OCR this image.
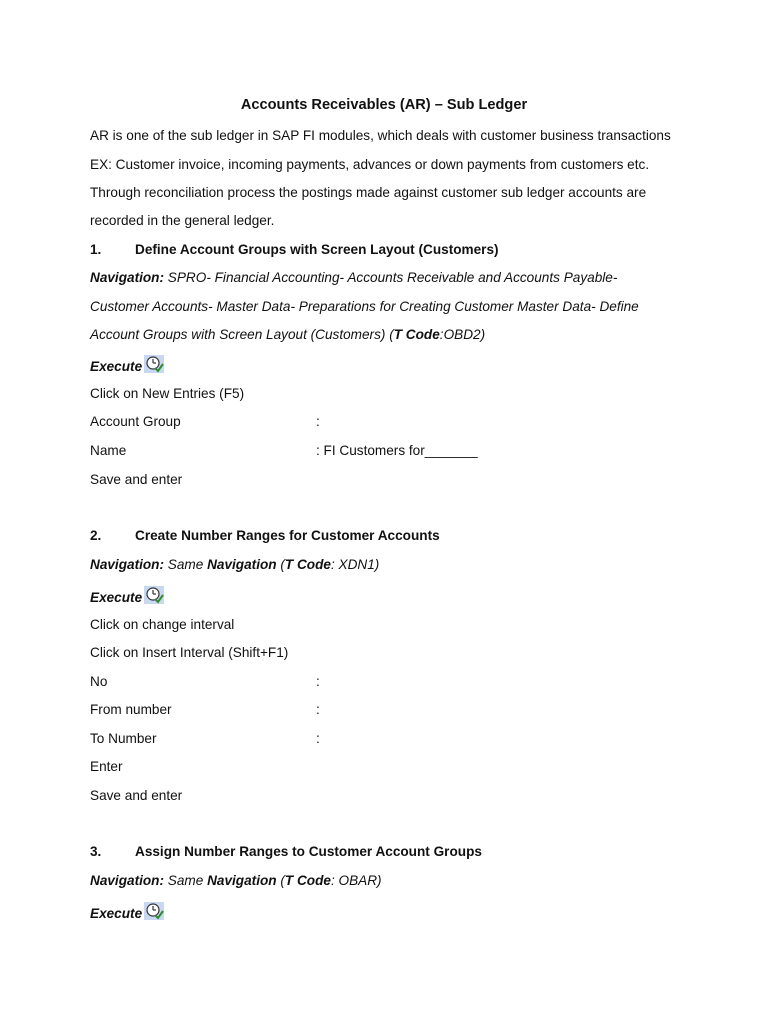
Accounts Receivables (AR) – Sub Ledger
AR is one of the sub ledger in SAP FI modules, which deals with customer business transactions
EX: Customer invoice, incoming payments, advances or down payments from customers etc.
Through reconciliation process the postings made against customer sub ledger accounts are
recorded in the general ledger.
1. Define Account Groups with Screen Layout (Customers)
Navigation: SPRO- Financial Accounting- Accounts Receivable and Accounts Payable-
Customer Accounts- Master Data- Preparations for Creating Customer Master Data- Define
Account Groups with Screen Layout (Customers) (T Code:OBD2)
Execute
Click on New Entries (F5)
Account Group	:
Name	: FI Customers for_______
Save and enter
2. Create Number Ranges for Customer Accounts
Navigation: Same Navigation (T Code: XDN1)
Execute
Click on change interval
Click on Insert Interval (Shift+F1)
No	:
From number	:
To Number	:
Enter
Save and enter
3. Assign Number Ranges to Customer Account Groups
Navigation: Same Navigation (T Code: OBAR)
Execute
